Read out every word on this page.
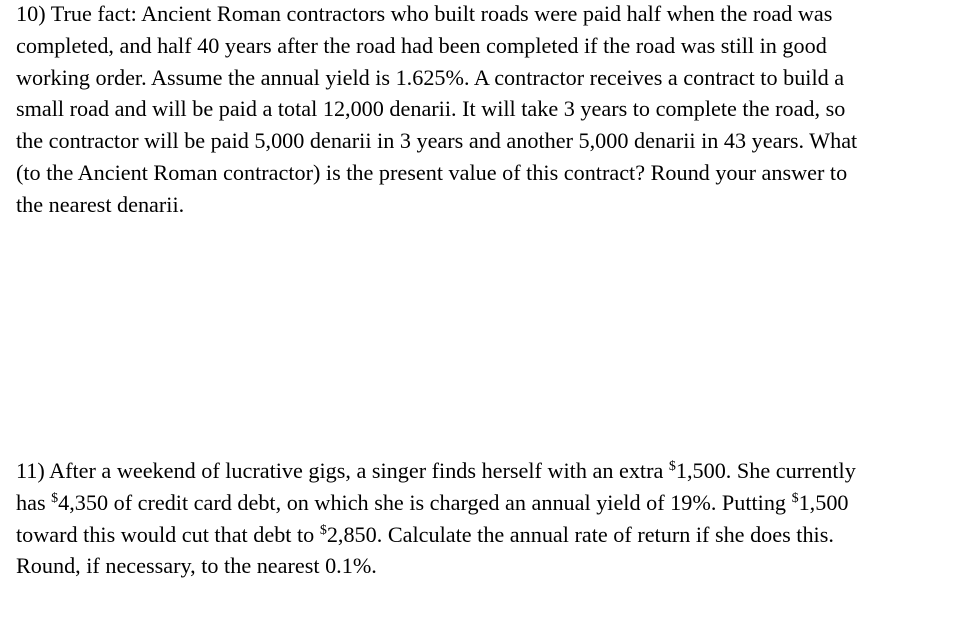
10) True fact: Ancient Roman contractors who built roads were paid half when the road was
completed, and half 40 years after the road had been completed if the road was still in good
working order. Assume the annual yield is 1.625%. A contractor receives a contract to build a
small road and will be paid a total 12,000 denarii. It will take 3 years to complete the road, so
the contractor will be paid 5,000 denarii in 3 years and another 5,000 denarii in 43 years. What
(to the Ancient Roman contractor) is the present value of this contract? Round your answer to
the nearest denarii.
11) After a weekend of lucrative gigs, a singer finds herself with an extra $1,500. She currently
has $4,350 of credit card debt, on which she is charged an annual yield of 19%. Putting $1,500
toward this would cut that debt to $2,850. Calculate the annual rate of return if she does this.
Round, if necessary, to the nearest 0.1%.
